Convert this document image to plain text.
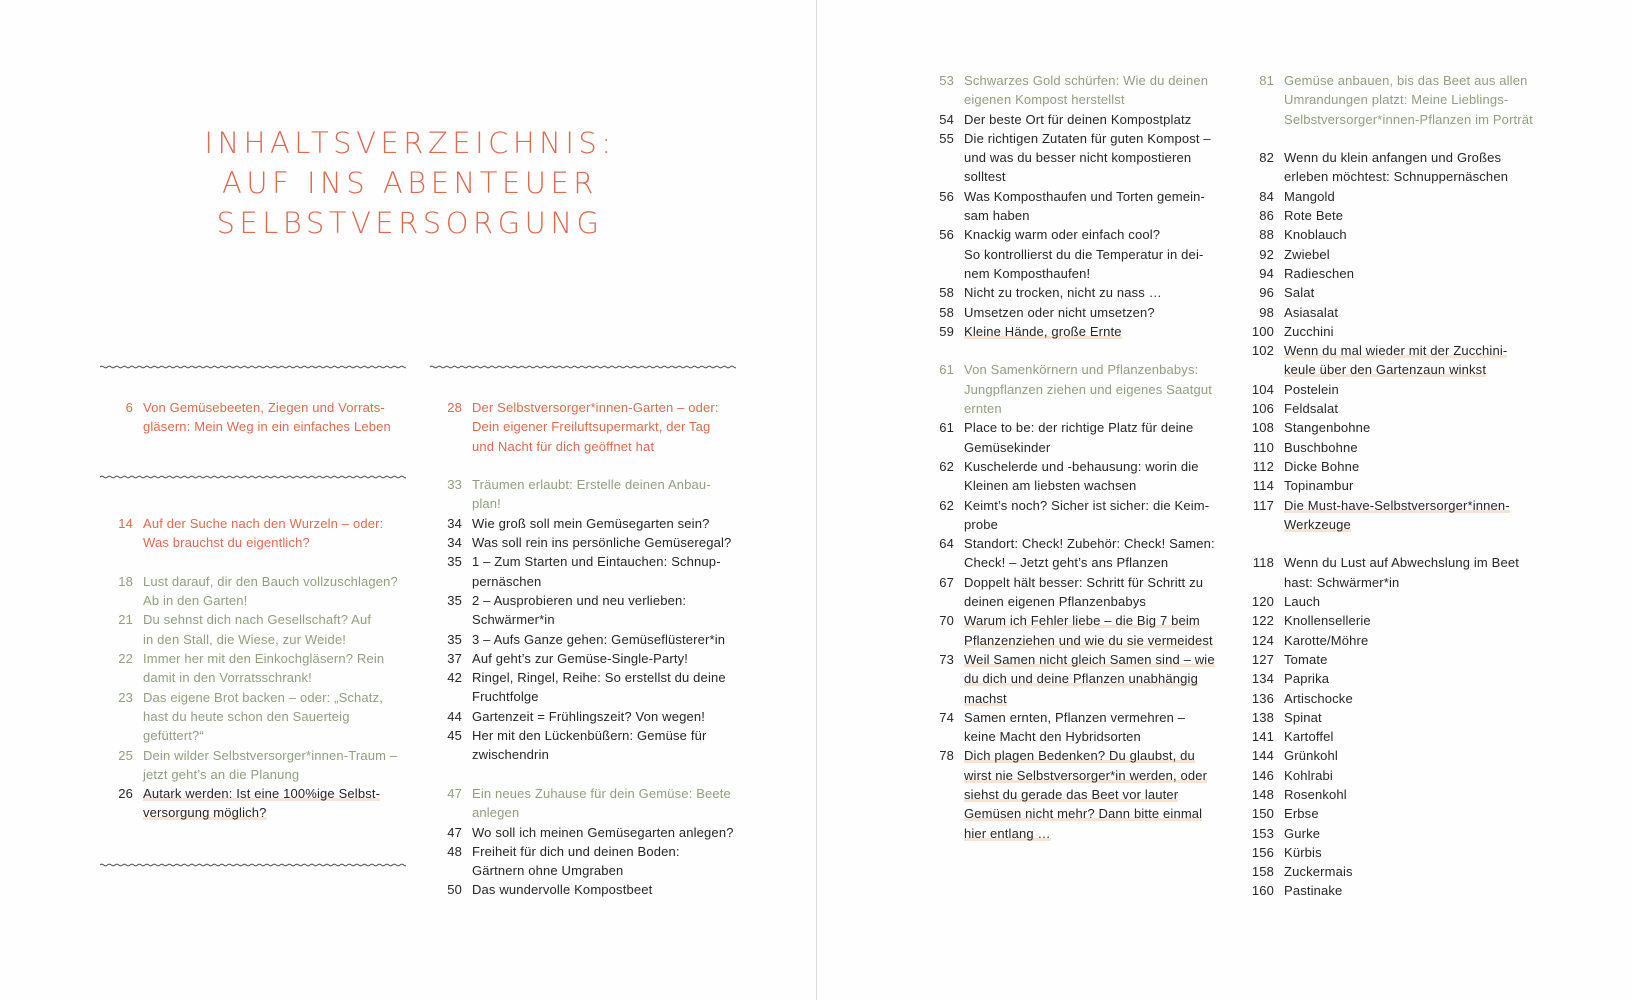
INHALTSVERZEICHNIS:
AUF INS ABENTEUER
SELBSTVERSORGUNG
6 Von Gemüsebeeten, Ziegen und Vorrats-
gläsern: Mein Weg in ein einfaches Leben
14 Auf der Suche nach den Wurzeln – oder:
Was brauchst du eigentlich?
18 Lust darauf, dir den Bauch vollzuschlagen?
Ab in den Garten!
21 Du sehnst dich nach Gesellschaft? Auf
in den Stall, die Wiese, zur Weide!
22 Immer her mit den Einkochgläsern? Rein
damit in den Vorratsschrank!
23 Das eigene Brot backen – oder: „Schatz,
hast du heute schon den Sauerteig
gefüttert?“
25 Dein wilder Selbstversorger*innen-Traum –
jetzt geht’s an die Planung
26 Autark werden: Ist eine 100%ige Selbst-
versorgung möglich?
28 Der Selbstversorger*innen-Garten – oder:
Dein eigener Freiluftsupermarkt, der Tag
und Nacht für dich geöffnet hat
33 Träumen erlaubt: Erstelle deinen Anbau-
plan!
34 Wie groß soll mein Gemüsegarten sein?
34 Was soll rein ins persönliche Gemüseregal?
35 1 – Zum Starten und Eintauchen: Schnup-
pernäschen
35 2 – Ausprobieren und neu verlieben:
Schwärmer*in
35 3 – Aufs Ganze gehen: Gemüseflüsterer*in
37 Auf geht’s zur Gemüse-Single-Party!
42 Ringel, Ringel, Reihe: So erstellst du deine
Fruchtfolge
44 Gartenzeit = Frühlingszeit? Von wegen!
45 Her mit den Lückenbüßern: Gemüse für
zwischendrin
47 Ein neues Zuhause für dein Gemüse: Beete
anlegen
47 Wo soll ich meinen Gemüsegarten anlegen?
48 Freiheit für dich und deinen Boden:
Gärtnern ohne Umgraben
50 Das wundervolle Kompostbeet
53 Schwarzes Gold schürfen: Wie du deinen
eigenen Kompost herstellst
54 Der beste Ort für deinen Kompostplatz
55 Die richtigen Zutaten für guten Kompost –
und was du besser nicht kompostieren
solltest
56 Was Komposthaufen und Torten gemein-
sam haben
56 Knackig warm oder einfach cool?
So kontrollierst du die Temperatur in dei-
nem Komposthaufen!
58 Nicht zu trocken, nicht zu nass …
58 Umsetzen oder nicht umsetzen?
59 Kleine Hände, große Ernte
61 Von Samenkörnern und Pflanzenbabys:
Jungpflanzen ziehen und eigenes Saatgut
ernten
61 Place to be: der richtige Platz für deine
Gemüsekinder
62 Kuschelerde und -behausung: worin die
Kleinen am liebsten wachsen
62 Keimt’s noch? Sicher ist sicher: die Keim-
probe
64 Standort: Check! Zubehör: Check! Samen:
Check! – Jetzt geht’s ans Pflanzen
67 Doppelt hält besser: Schritt für Schritt zu
deinen eigenen Pflanzenbabys
70 Warum ich Fehler liebe – die Big 7 beim
Pflanzenziehen und wie du sie vermeidest
73 Weil Samen nicht gleich Samen sind – wie
du dich und deine Pflanzen unabhängig
machst
74 Samen ernten, Pflanzen vermehren –
keine Macht den Hybridsorten
78 Dich plagen Bedenken? Du glaubst, du
wirst nie Selbstversorger*in werden, oder
siehst du gerade das Beet vor lauter
Gemüsen nicht mehr? Dann bitte einmal
hier entlang …
81 Gemüse anbauen, bis das Beet aus allen
Umrandungen platzt: Meine Lieblings-
Selbstversorger*innen-Pflanzen im Porträt
82 Wenn du klein anfangen und Großes
erleben möchtest: Schnuppernäschen
84 Mangold
86 Rote Bete
88 Knoblauch
92 Zwiebel
94 Radieschen
96 Salat
98 Asiasalat
100 Zucchini
102 Wenn du mal wieder mit der Zucchini-
keule über den Gartenzaun winkst
104 Postelein
106 Feldsalat
108 Stangenbohne
110 Buschbohne
112 Dicke Bohne
114 Topinambur
117 Die Must-have-Selbstversorger*innen-
Werkzeuge
118 Wenn du Lust auf Abwechslung im Beet
hast: Schwärmer*in
120 Lauch
122 Knollensellerie
124 Karotte/Möhre
127 Tomate
134 Paprika
136 Artischocke
138 Spinat
141 Kartoffel
144 Grünkohl
146 Kohlrabi
148 Rosenkohl
150 Erbse
153 Gurke
156 Kürbis
158 Zuckermais
160 Pastinake
